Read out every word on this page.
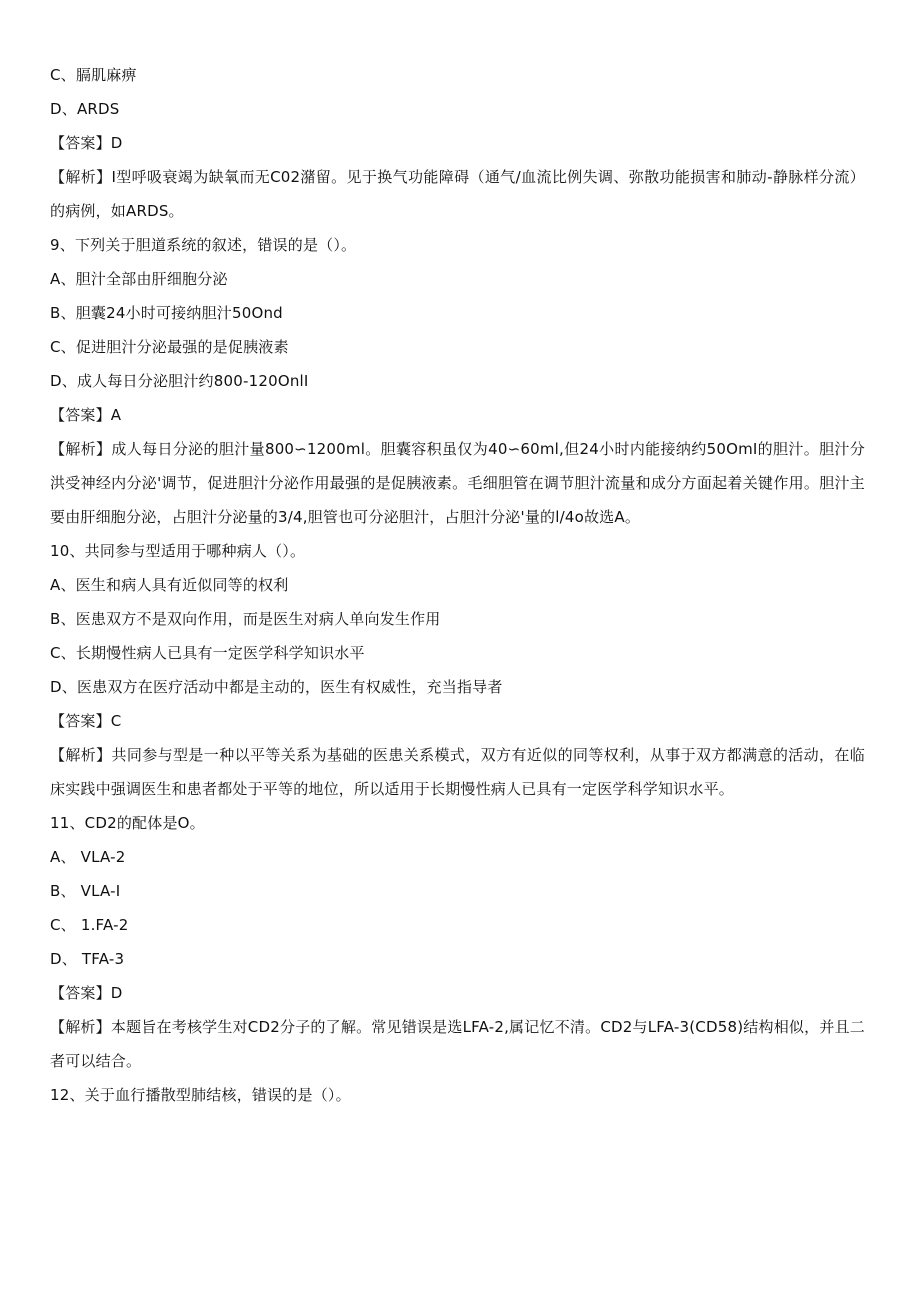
C、膈肌麻痹
D、ARDS
【答案】D
【解析】I型呼吸衰竭为缺氧而无C02潴留。见于换气功能障碍（通气/血流比例失调、弥散功能损害和肺动-静脉样分流）的病例，如ARDS。
9、下列关于胆道系统的叙述，错误的是（）。
A、胆汁全部由肝细胞分泌
B、胆囊24小时可接纳胆汁50Ond
C、促进胆汁分泌最强的是促胰液素
D、成人每日分泌胆汁约800-120OnlI
【答案】A
【解析】成人每日分泌的胆汁量800∽1200ml。胆囊容积虽仅为40∽60ml,但24小时内能接纳约50OmI的胆汁。胆汁分洪受神经内分泌'调节，促进胆汁分泌作用最强的是促胰液素。毛细胆管在调节胆汁流量和成分方面起着关键作用。胆汁主要由肝细胞分泌，占胆汁分泌量的3/4,胆管也可分泌胆汁，占胆汁分泌'量的l/4o故选A。
10、共同参与型适用于哪种病人（）。
A、医生和病人具有近似同等的权利
B、医患双方不是双向作用，而是医生对病人单向发生作用
C、长期慢性病人已具有一定医学科学知识水平
D、医患双方在医疗活动中都是主动的，医生有权威性，充当指导者
【答案】C
【解析】共同参与型是一种以平等关系为基础的医患关系模式，双方有近似的同等权利，从事于双方都满意的活动，在临床实践中强调医生和患者都处于平等的地位，所以适用于长期慢性病人已具有一定医学科学知识水平。
11、CD2的配体是O。
A、 VLA-2
B、 VLA-I
C、 1.FA-2
D、 TFA-3
【答案】D
【解析】本题旨在考核学生对CD2分子的了解。常见错误是选LFA-2,属记忆不清。CD2与LFA-3(CD58)结构相似，并且二者可以结合。
12、关于血行播散型肺结核，错误的是（）。
